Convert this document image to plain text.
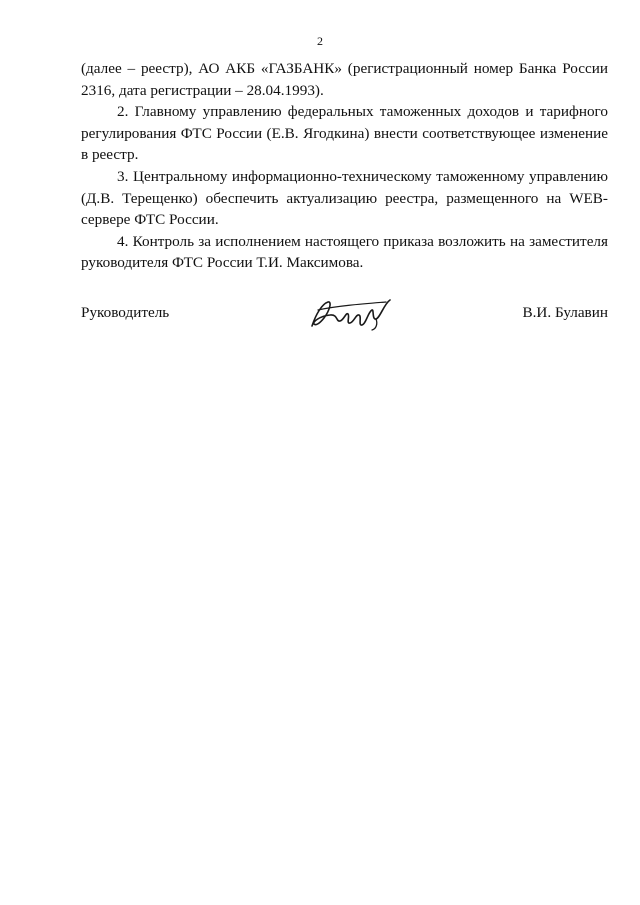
2

(далее – реестр), АО АКБ «ГАЗБАНК» (регистрационный номер Банка России 2316, дата регистрации – 28.04.1993).

2. Главному управлению федеральных таможенных доходов и тарифного регулирования ФТС России (Е.В. Ягодкина) внести соответствующее изменение в реестр.

3. Центральному информационно-техническому таможенному управлению (Д.В. Терещенко) обеспечить актуализацию реестра, размещенного на WEB-сервере ФТС России.

4. Контроль за исполнением настоящего приказа возложить на заместителя руководителя ФТС России Т.И. Максимова.

Руководитель	В.И. Булавин
